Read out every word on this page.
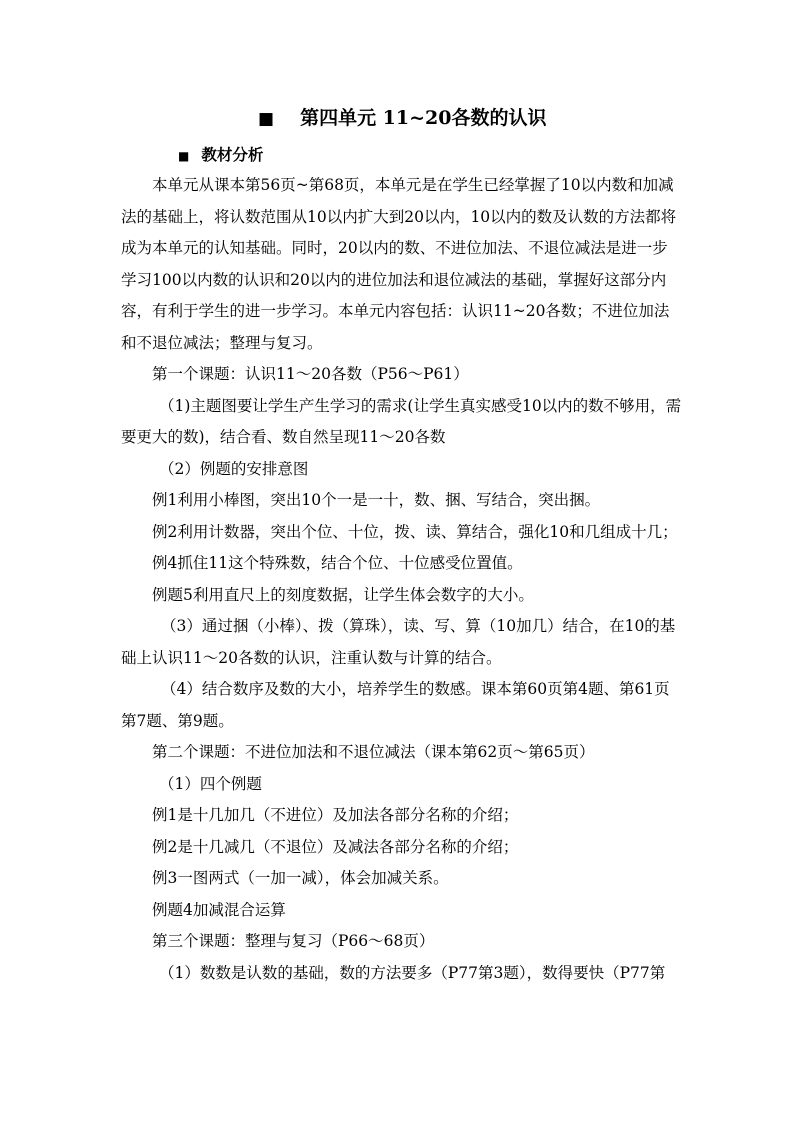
■ 第四单元 11~20各数的认识
■ 教材分析

本单元从课本第56页~第68页，本单元是在学生已经掌握了10以内数和加减法的基础上，将认数范围从10以内扩大到20以内，10以内的数及认数的方法都将成为本单元的认知基础。同时，20以内的数、不进位加法、不退位减法是进一步学习100以内数的认识和20以内的进位加法和退位减法的基础，掌握好这部分内容，有利于学生的进一步学习。本单元内容包括：认识11~20各数；不进位加法和不退位减法；整理与复习。

第一个课题：认识11～20各数（P56～P61）

（1)主题图要让学生产生学习的需求(让学生真实感受10以内的数不够用，需要更大的数)，结合看、数自然呈现11～20各数

（2）例题的安排意图

例1利用小棒图，突出10个一是一十，数、捆、写结合，突出捆。

例2利用计数器，突出个位、十位，拨、读、算结合，强化10和几组成十几；

例4抓住11这个特殊数，结合个位、十位感受位置值。

例题5利用直尺上的刻度数据，让学生体会数字的大小。

（3）通过捆（小棒）、拨（算珠），读、写、算（10加几）结合，在10的基础上认识11～20各数的认识，注重认数与计算的结合。

（4）结合数序及数的大小，培养学生的数感。课本第60页第4题、第61页第7题、第9题。

第二个课题：不进位加法和不退位减法（课本第62页～第65页）

（1）四个例题

例1是十几加几（不进位）及加法各部分名称的介绍；

例2是十几减几（不退位）及减法各部分名称的介绍；

例3一图两式（一加一减），体会加减关系。

例题4加减混合运算

第三个课题：整理与复习（P66～68页）

（1）数数是认数的基础，数的方法要多（P77第3题），数得要快（P77第
